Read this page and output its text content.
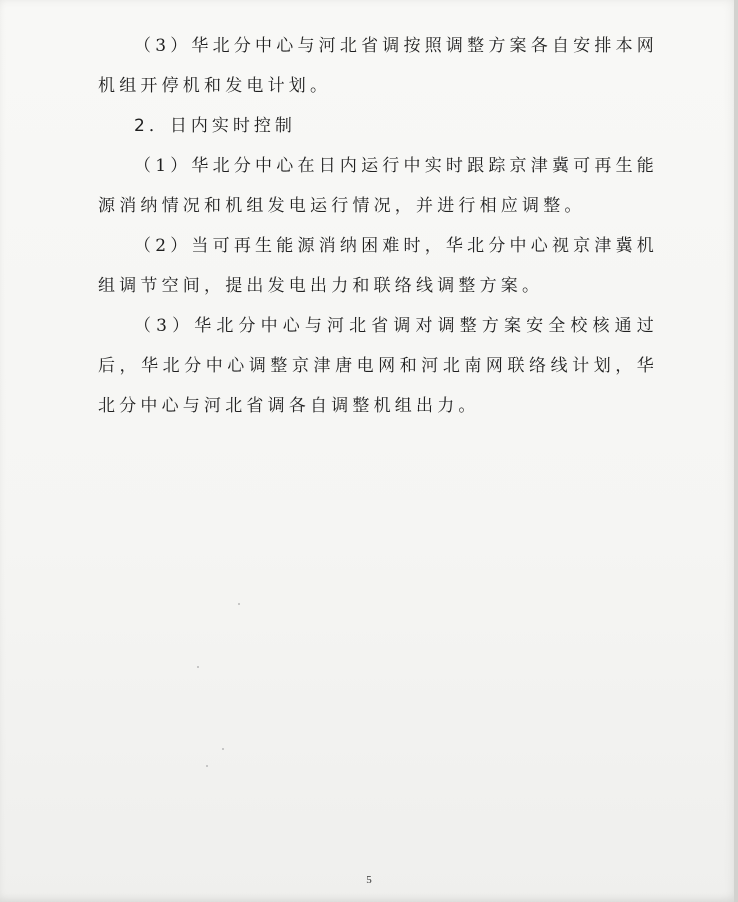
（3）华北分中心与河北省调按照调整方案各自安排本网机组开停机和发电计划。

2．日内实时控制

（1）华北分中心在日内运行中实时跟踪京津冀可再生能源消纳情况和机组发电运行情况，并进行相应调整。

（2）当可再生能源消纳困难时，华北分中心视京津冀机组调节空间，提出发电出力和联络线调整方案。

（3）华北分中心与河北省调对调整方案安全校核通过后，华北分中心调整京津唐电网和河北南网联络线计划，华北分中心与河北省调各自调整机组出力。

5
